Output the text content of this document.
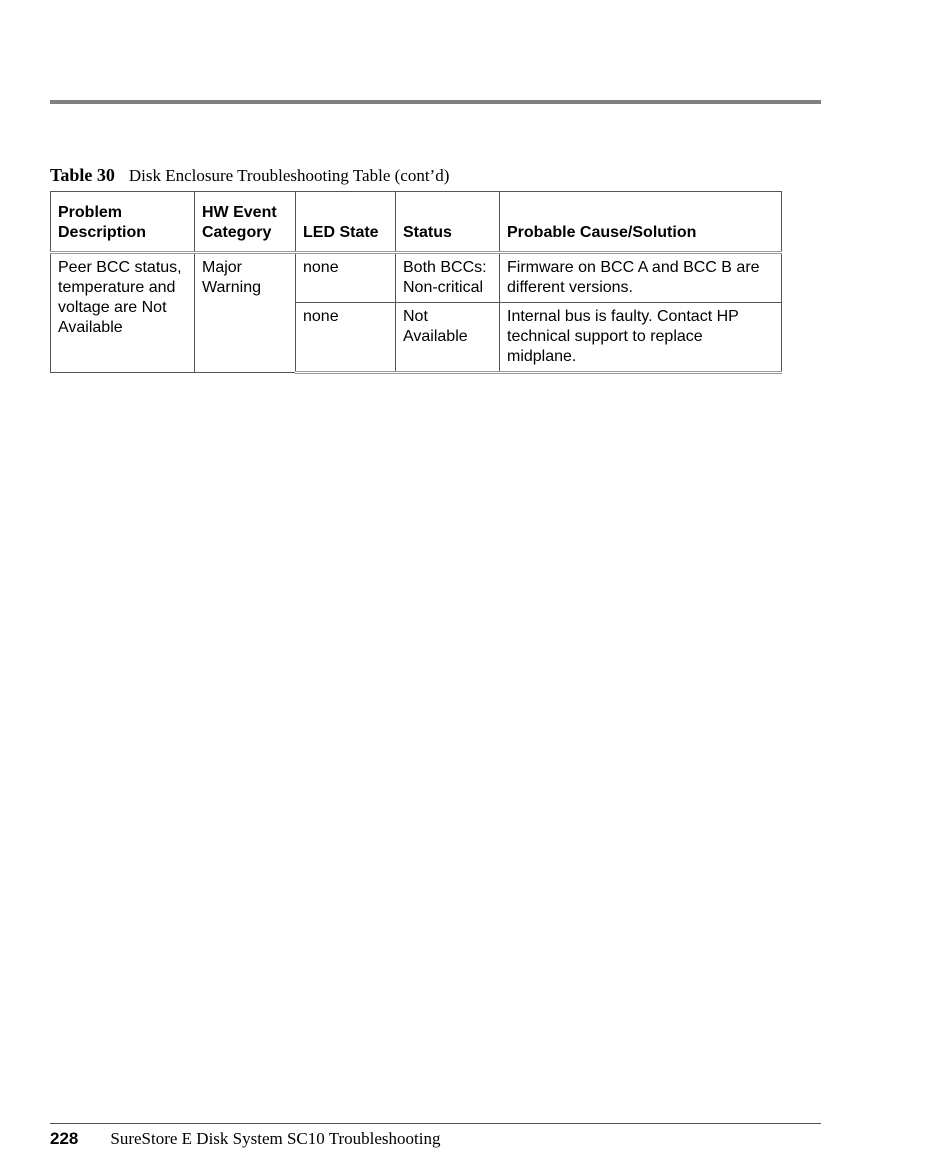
Table 30 Disk Enclosure Troubleshooting Table (cont’d)
Problem Description	HW Event Category	LED State	Status	Probable Cause/Solution
Peer BCC status, temperature and voltage are Not Available	Major Warning	none	Both BCCs: Non-critical	Firmware on BCC A and BCC B are different versions.
		none	Not Available	Internal bus is faulty. Contact HP technical support to replace midplane.
228 SureStore E Disk System SC10 Troubleshooting
